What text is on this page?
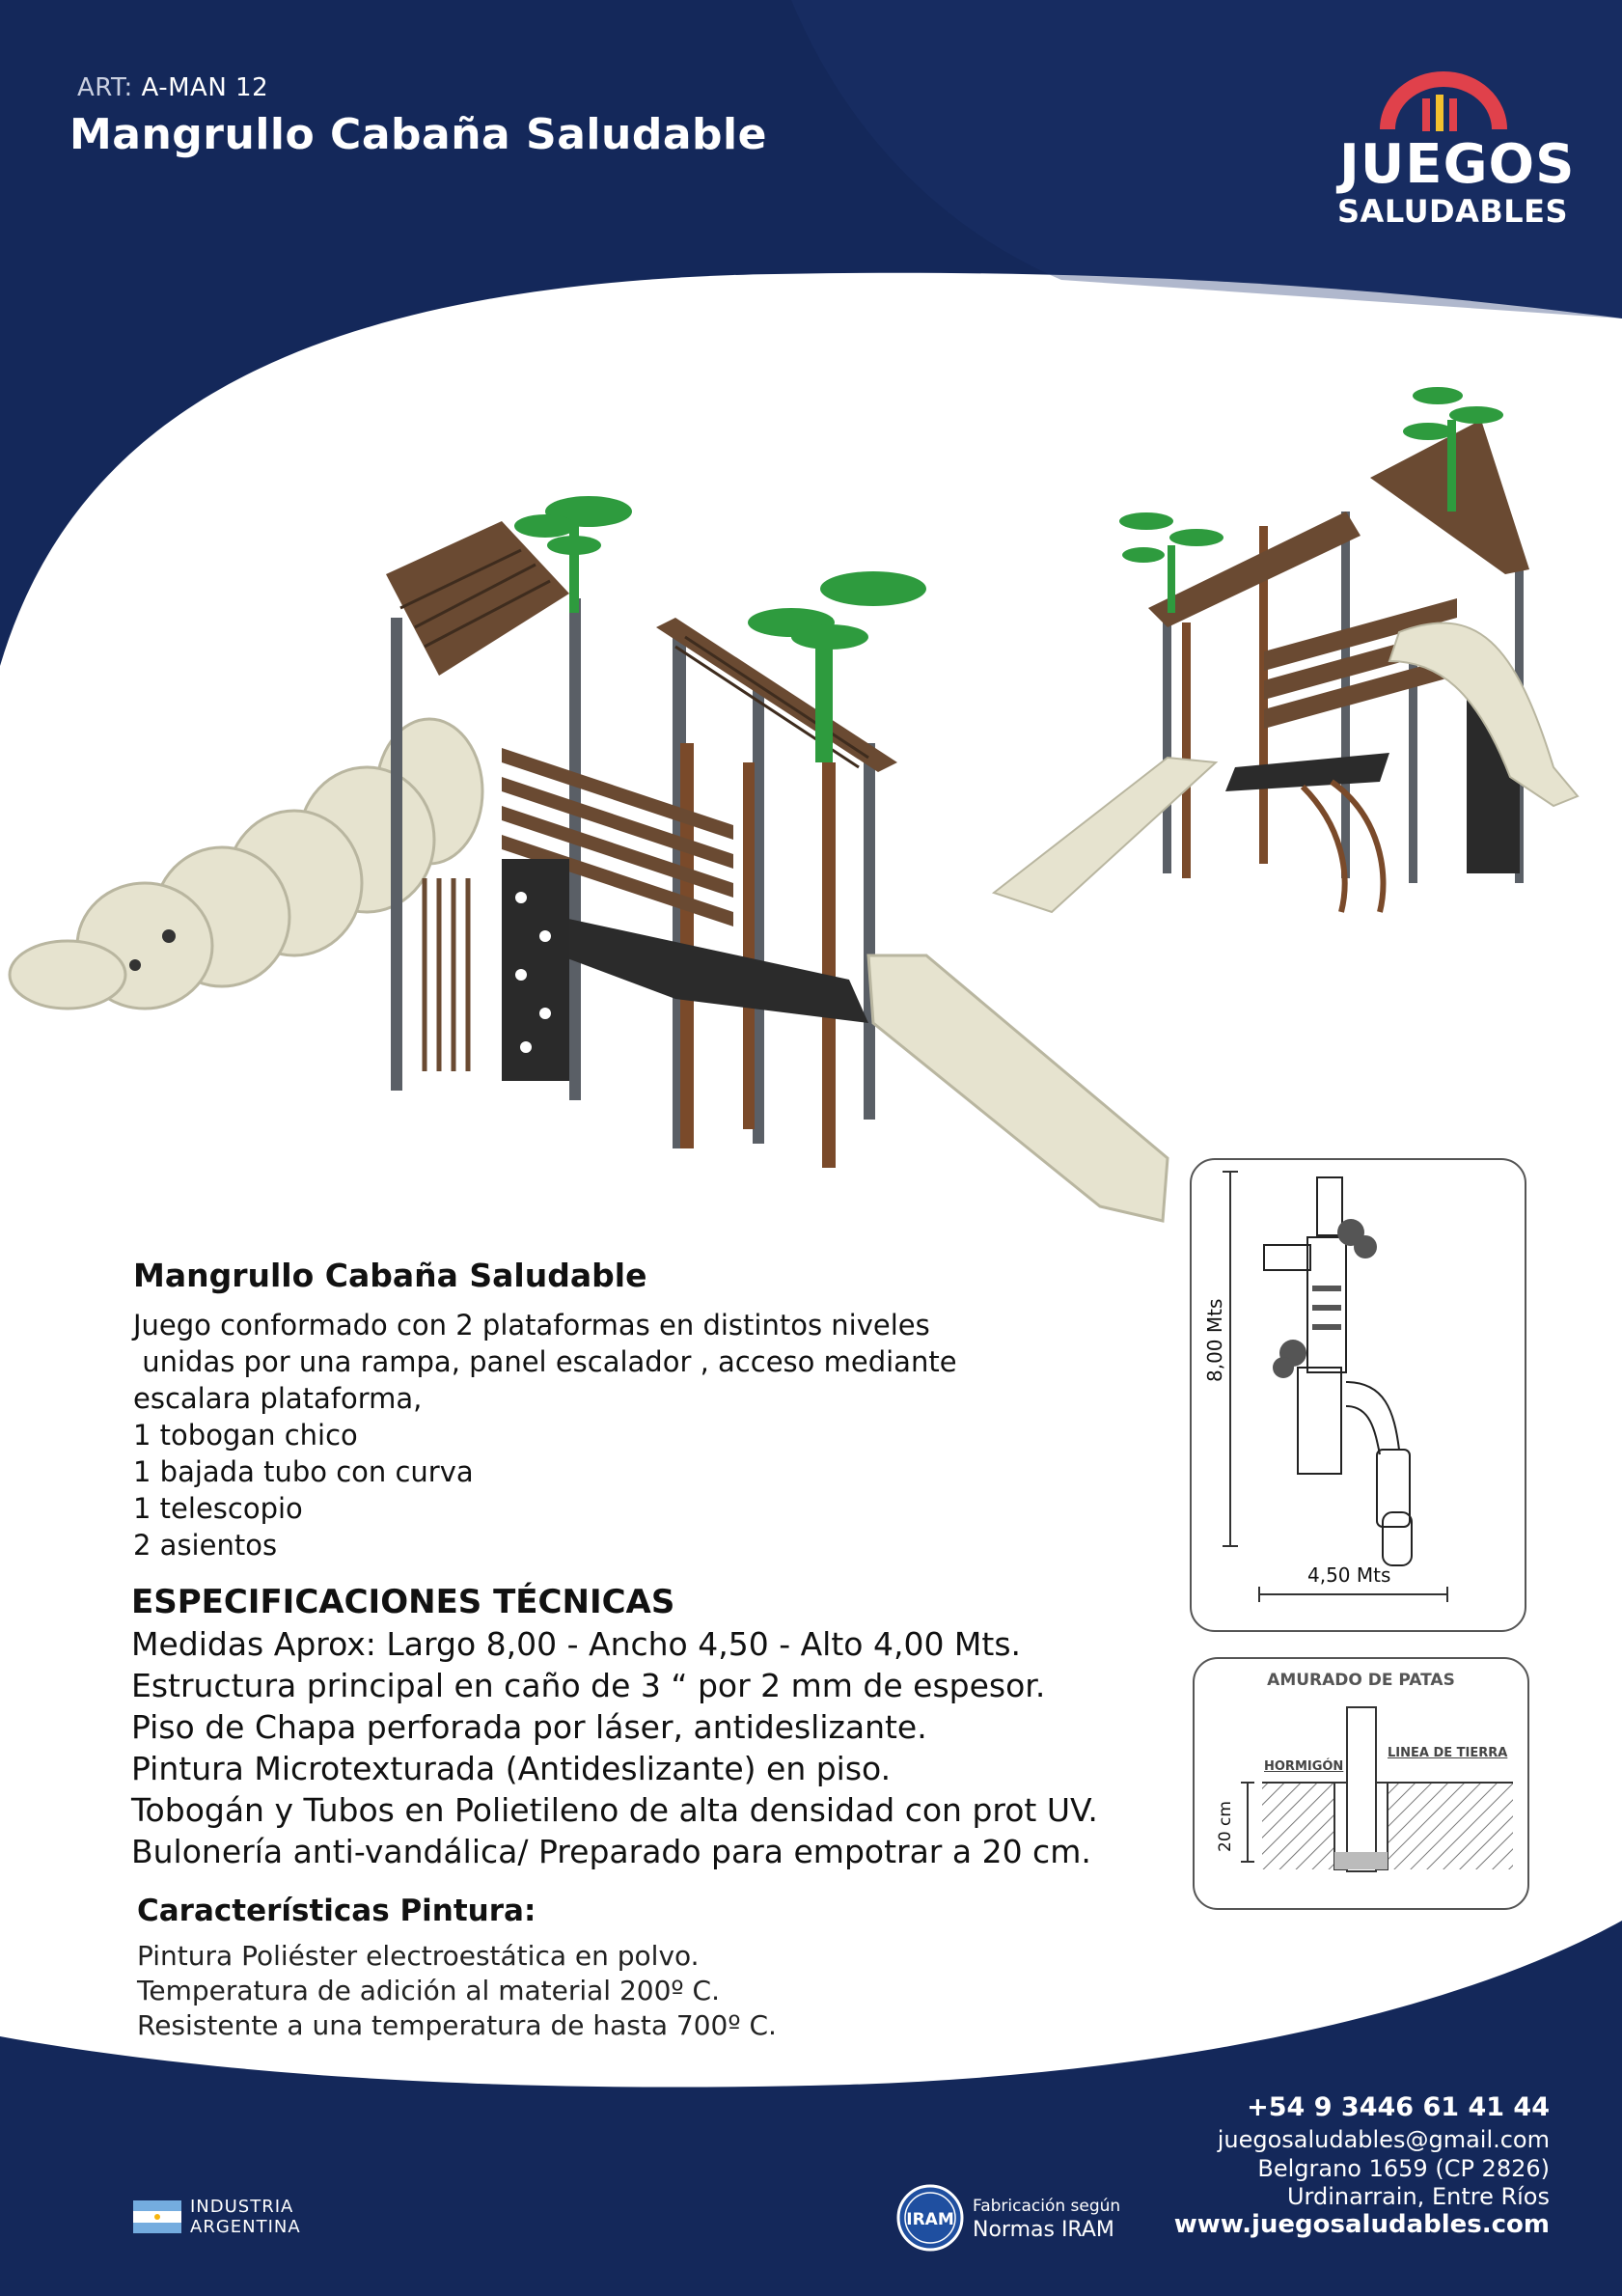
ART: A-MAN 12
Mangrullo Cabaña Saludable	JUEGOS
SALUDABLES
Mangrullo Cabaña Saludable
Juego conformado con 2 plataformas en distintos niveles
unidas por una rampa, panel escalador , acceso mediante
escalara plataforma,
1 tobogan chico
1 bajada tubo con curva
1 telescopio
2 asientos
ESPECIFICACIONES TÉCNICAS
Medidas Aprox: Largo 8,00 - Ancho 4,50 - Alto 4,00 Mts.
Estructura principal en caño de 3 “ por 2 mm de espesor.
Piso de Chapa perforada por láser, antideslizante.
Pintura Microtexturada (Antideslizante) en piso.
Tobogán y Tubos en Polietileno de alta densidad con prot UV.
Bulonería anti-vandálica/ Preparado para empotrar a 20 cm.
Características Pintura:
Pintura Poliéster electroestática en polvo.
Temperatura de adición al material 200º C.
Resistente a una temperatura de hasta 700º C.
8,00 Mts
4,50 Mts
AMURADO DE PATAS
HORMIGÓN
LINEA DE TIERRA
20 cm
+54 9 3446 61 41 44
juegosaludables@gmail.com
Belgrano 1659 (CP 2826)
Urdinarrain, Entre Ríos
www.juegosaludables.com
INDUSTRIA
ARGENTINA	IRAM
Fabricación según
Normas IRAM
